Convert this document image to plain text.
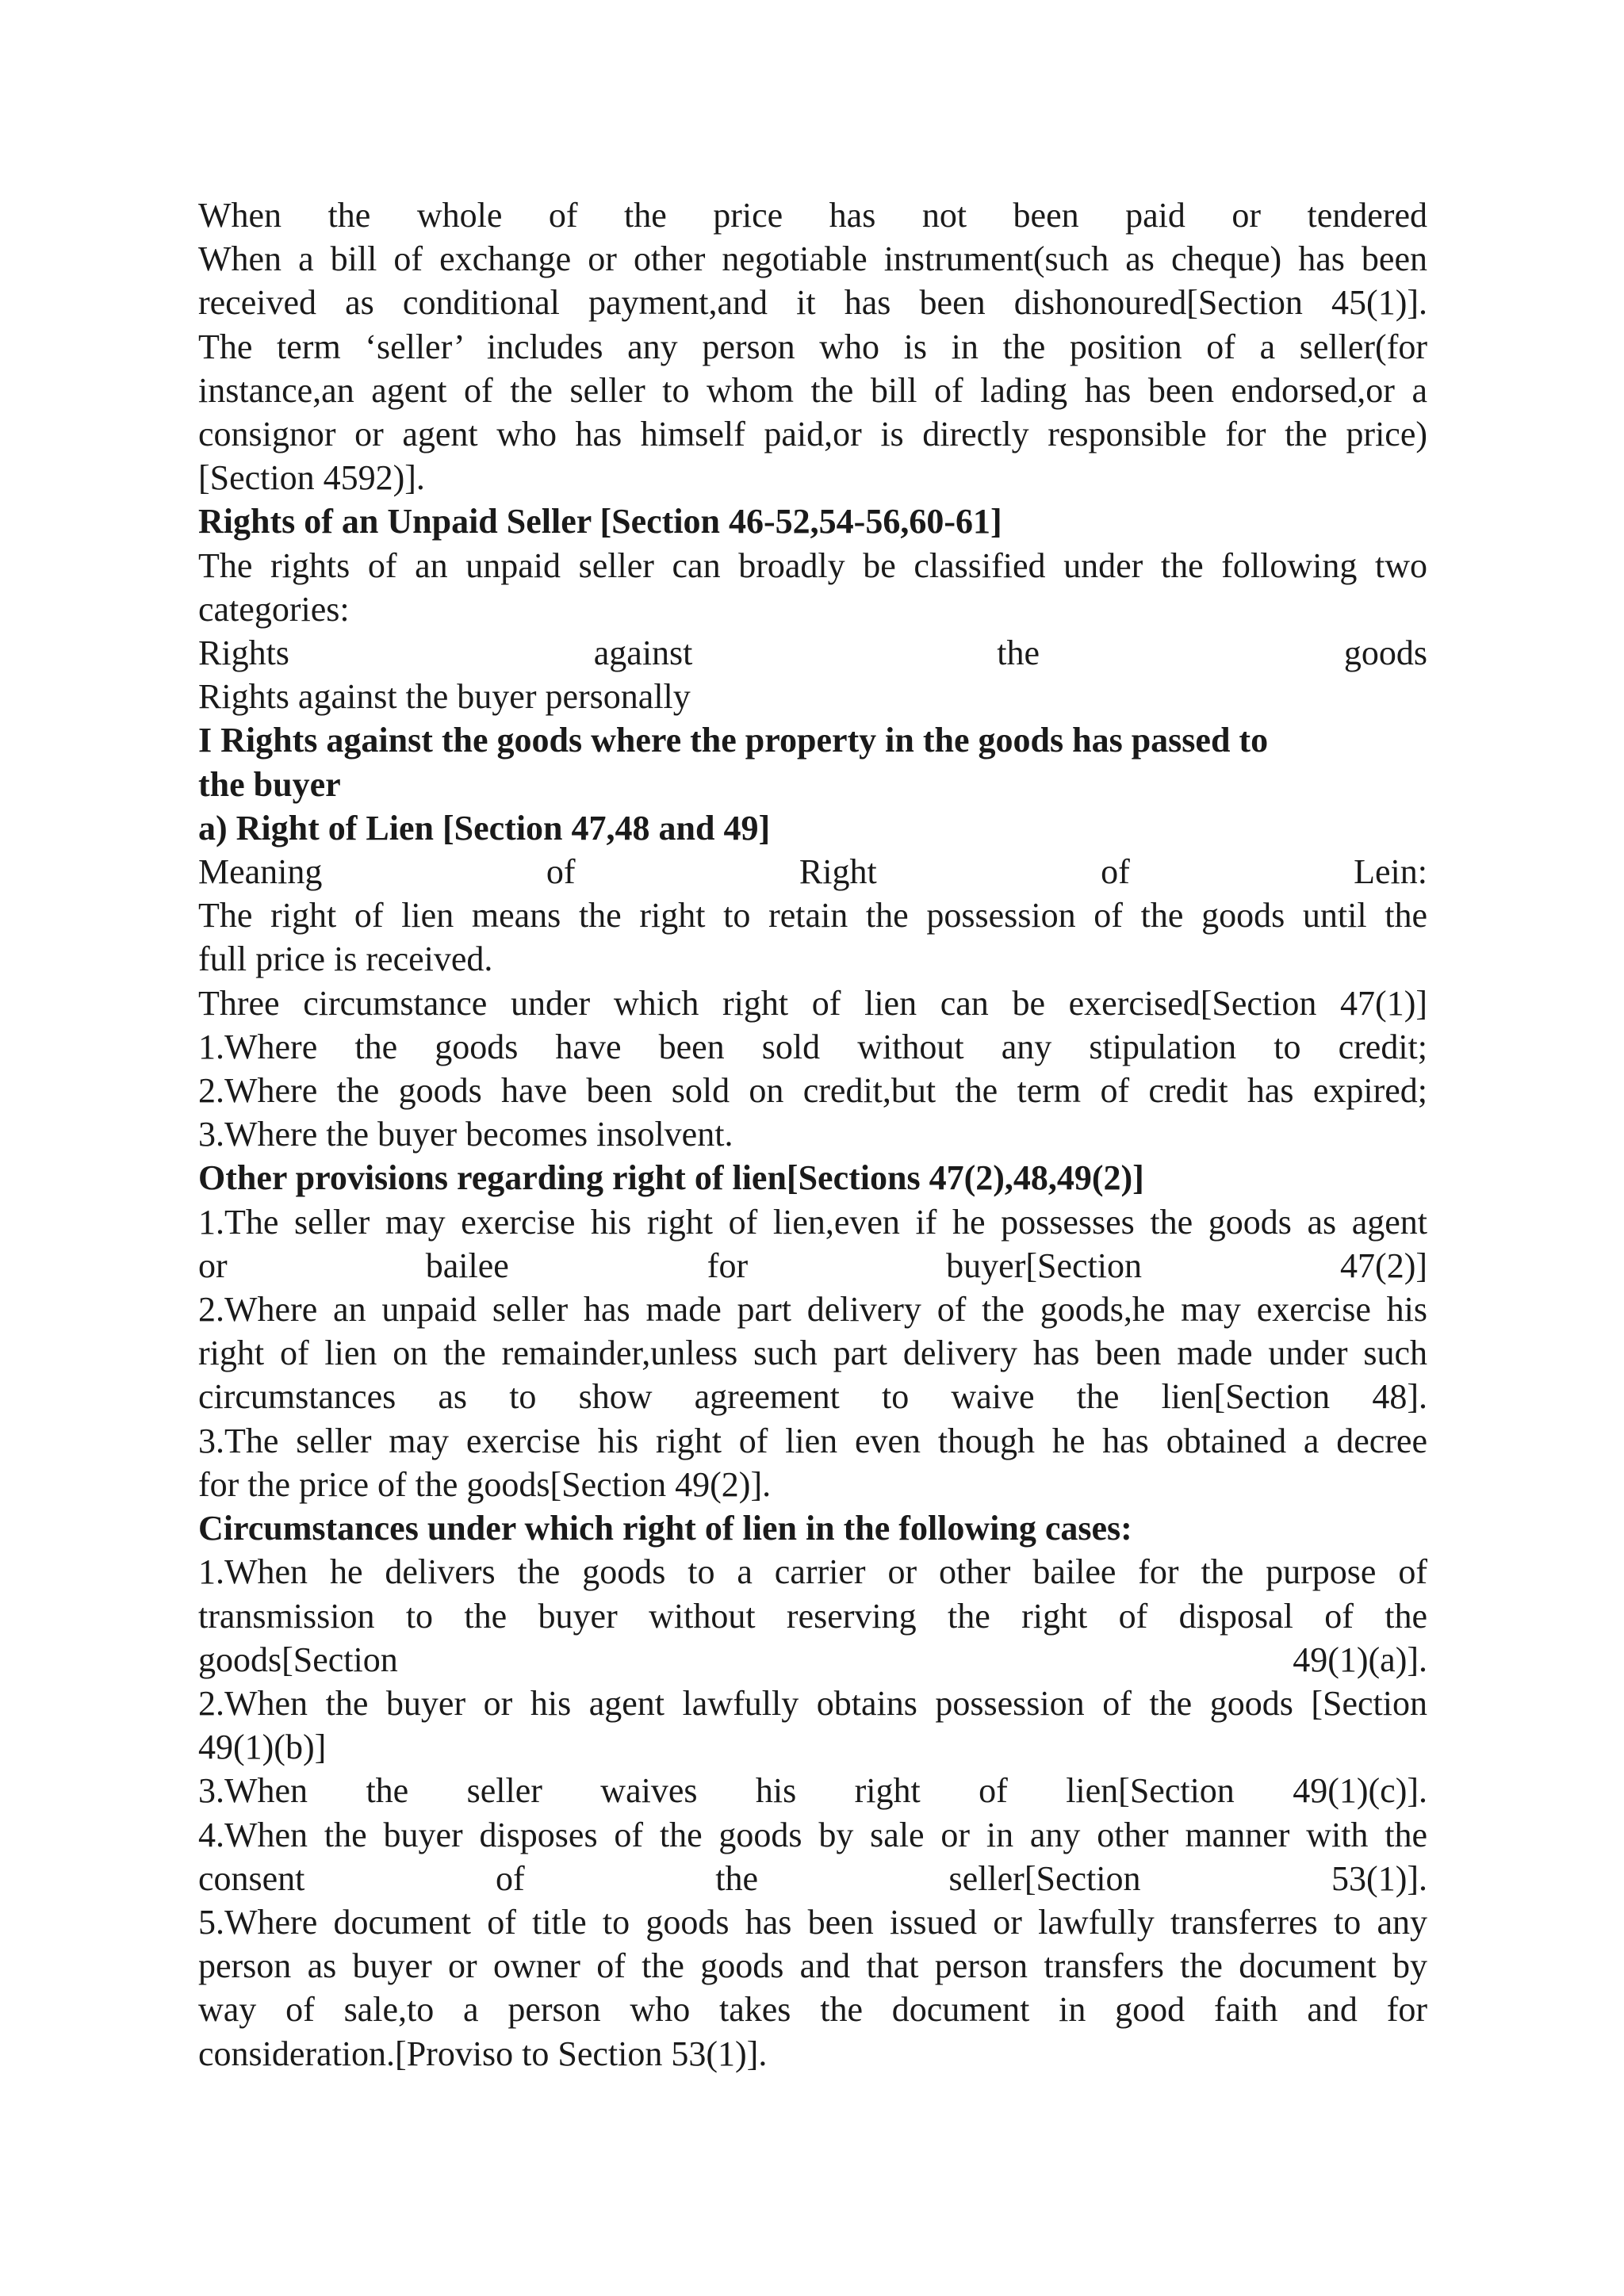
When the whole of the price has not been paid or tendered
When a bill of exchange or other negotiable instrument(such as cheque) has been
received as conditional payment,and it has been dishonoured[Section 45(1)].
The term ‘seller’ includes any person who is in the position of a seller(for
instance,an agent of the seller to whom the bill of lading has been endorsed,or a
consignor or agent who has himself paid,or is directly responsible for the price)
[Section 4592)].
Rights of an Unpaid Seller [Section 46-52,54-56,60-61]
The rights of an unpaid seller can broadly be classified under the following two
categories:
Rights against the goods
Rights against the buyer personally
I Rights against the goods where the property in the goods has passed to
the buyer
a) Right of Lien [Section 47,48 and 49]
Meaning of Right of Lein:
The right of lien means the right to retain the possession of the goods until the
full price is received.
Three circumstance under which right of lien can be exercised[Section 47(1)]
1.Where the goods have been sold without any stipulation to credit;
2.Where the goods have been sold on credit,but the term of credit has expired;
3.Where the buyer becomes insolvent.
Other provisions regarding right of lien[Sections 47(2),48,49(2)]
1.The seller may exercise his right of lien,even if he possesses the goods as agent
or bailee for buyer[Section 47(2)]
2.Where an unpaid seller has made part delivery of the goods,he may exercise his
right of lien on the remainder,unless such part delivery has been made under such
circumstances as to show agreement to waive the lien[Section 48].
3.The seller may exercise his right of lien even though he has obtained a decree
for the price of the goods[Section 49(2)].
Circumstances under which right of lien in the following cases:
1.When he delivers the goods to a carrier or other bailee for the purpose of
transmission to the buyer without reserving the right of disposal of the
goods[Section 49(1)(a)].
2.When the buyer or his agent lawfully obtains possession of the goods [Section
49(1)(b)]
3.When the seller waives his right of lien[Section 49(1)(c)].
4.When the buyer disposes of the goods by sale or in any other manner with the
consent of the seller[Section 53(1)].
5.Where document of title to goods has been issued or lawfully transferres to any
person as buyer or owner of the goods and that person transfers the document by
way of sale,to a person who takes the document in good faith and for
consideration.[Proviso to Section 53(1)].
